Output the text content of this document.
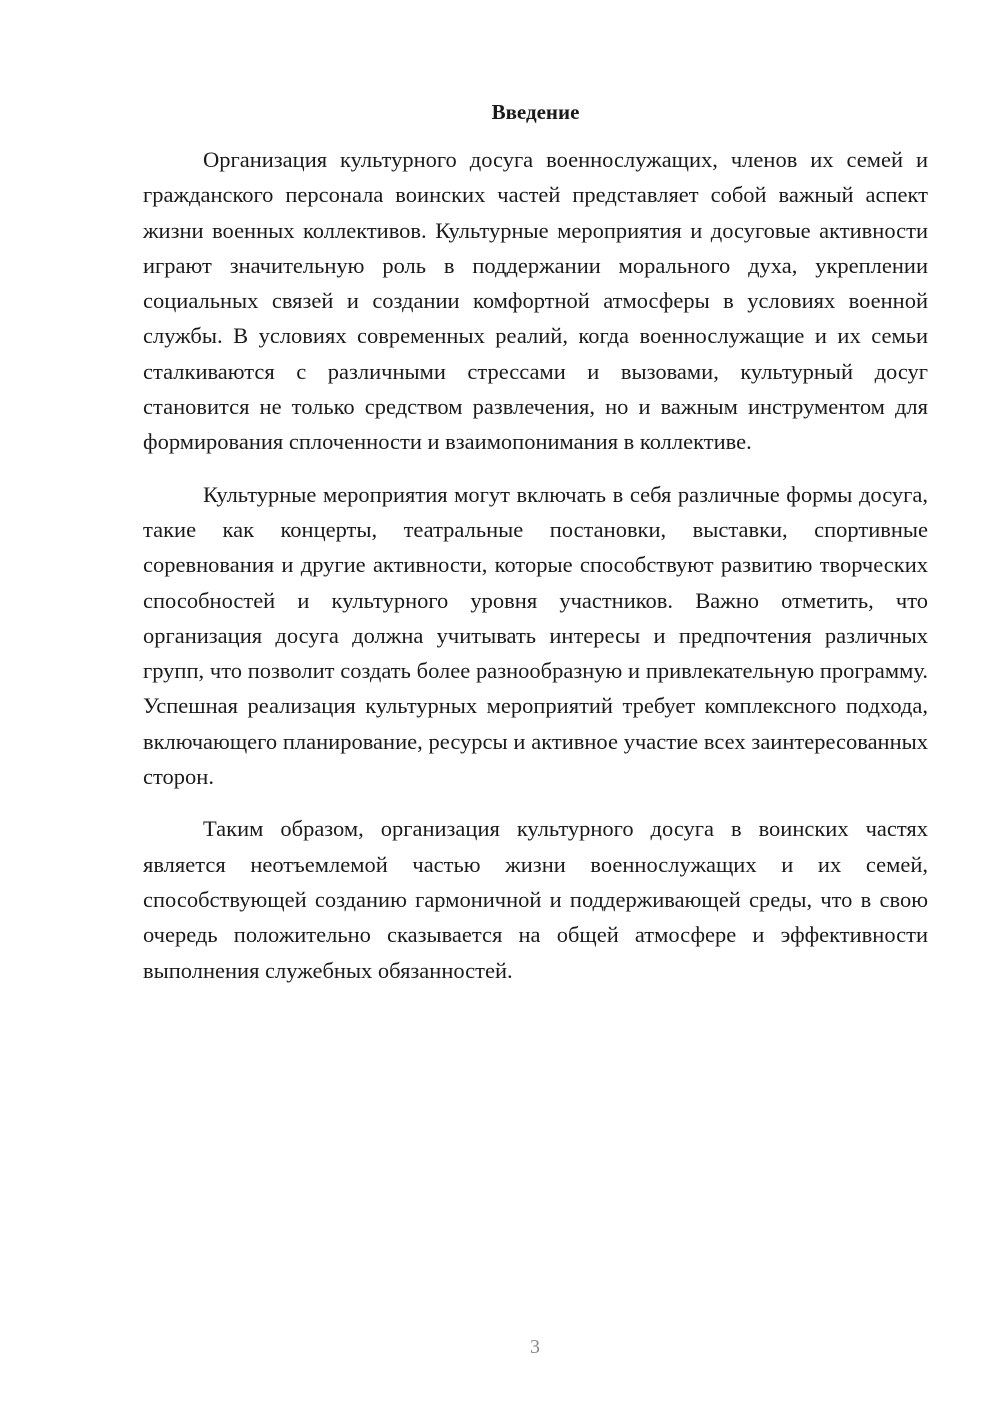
Введение

Организация культурного досуга военнослужащих, членов их семей и гражданского персонала воинских частей представляет собой важный аспект жизни военных коллективов. Культурные мероприятия и досуговые активности играют значительную роль в поддержании морального духа, укреплении социальных связей и создании комфортной атмосферы в условиях военной службы. В условиях современных реалий, когда военнослужащие и их семьи сталкиваются с различными стрессами и вызовами, культурный досуг становится не только средством развлечения, но и важным инструментом для формирования сплоченности и взаимопонимания в коллективе.

Культурные мероприятия могут включать в себя различные формы досуга, такие как концерты, театральные постановки, выставки, спортивные соревнования и другие активности, которые способствуют развитию творческих способностей и культурного уровня участников. Важно отметить, что организация досуга должна учитывать интересы и предпочтения различных групп, что позволит создать более разнообразную и привлекательную программу. Успешная реализация культурных мероприятий требует комплексного подхода, включающего планирование, ресурсы и активное участие всех заинтересованных сторон.

Таким образом, организация культурного досуга в воинских частях является неотъемлемой частью жизни военнослужащих и их семей, способствующей созданию гармоничной и поддерживающей среды, что в свою очередь положительно сказывается на общей атмосфере и эффективности выполнения служебных обязанностей.

3
